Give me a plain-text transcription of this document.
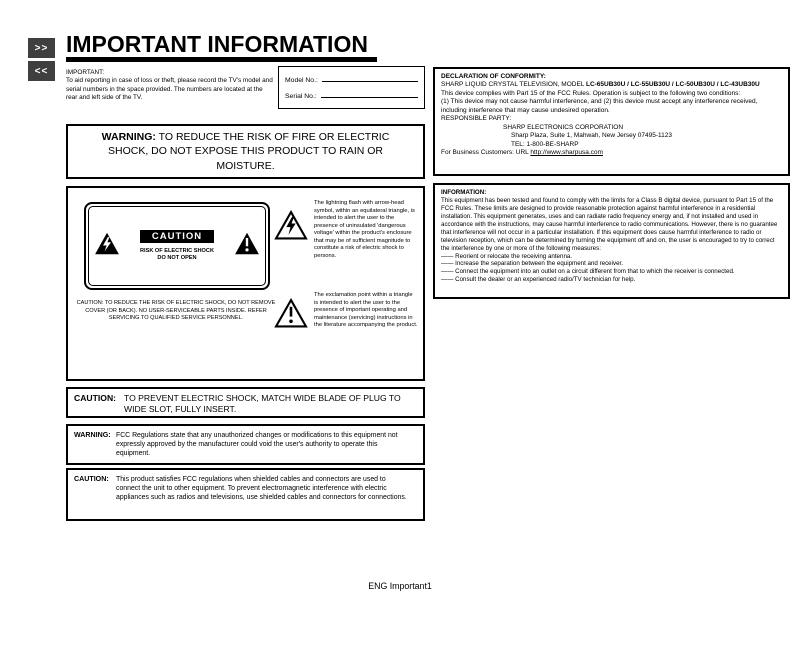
>>
<<
IMPORTANT INFORMATION
IMPORTANT:
To aid reporting in case of loss or theft, please record the TV's model and serial numbers in the space provided. The numbers are located at the rear and left side of the TV.
Model No.:
Serial No.:
WARNING: TO REDUCE THE RISK OF FIRE OR ELECTRIC SHOCK, DO NOT EXPOSE THIS PRODUCT TO RAIN OR MOISTURE.
CAUTION
RISK OF ELECTRIC SHOCK
DO NOT OPEN
CAUTION: TO REDUCE THE RISK OF ELECTRIC SHOCK, DO NOT REMOVE COVER (OR BACK). NO USER-SERVICEABLE PARTS INSIDE. REFER SERVICING TO QUALIFIED SERVICE PERSONNEL.
The lightning flash with arrow-head symbol, within an equilateral triangle, is intended to alert the user to the presence of uninsulated 'dangerous voltage' within the product's enclosure that may be of sufficient magnitude to constitute a risk of electric shock to persons.
The exclamation point within a triangle is intended to alert the user to the presence of important operating and maintenance (servicing) instructions in the literature accompanying the product.
CAUTION: TO PREVENT ELECTRIC SHOCK, MATCH WIDE BLADE OF PLUG TO WIDE SLOT, FULLY INSERT.
WARNING: FCC Regulations state that any unauthorized changes or modifications to this equipment not expressly approved by the manufacturer could void the user's authority to operate this equipment.
CAUTION:	This product satisfies FCC regulations when shielded cables and connectors are used to connect the unit to other equipment. To prevent electromagnetic interference with electric appliances such as radios and televisions, use shielded cables and connectors for connections.
DECLARATION OF CONFORMITY:
SHARP LIQUID CRYSTAL TELEVISION, MODEL LC-65UB30U / LC-55UB30U / LC-50UB30U / LC-43UB30U
This device complies with Part 15 of the FCC Rules. Operation is subject to the following two conditions:
(1) This device may not cause harmful interference, and (2) this device must accept any interference received, including interference that may cause undesired operation.
RESPONSIBLE PARTY:
SHARP ELECTRONICS CORPORATION
Sharp Plaza, Suite 1, Mahwah, New Jersey 07495-1123
TEL: 1-800-BE-SHARP
For Business Customers: URL http://www.sharpusa.com
INFORMATION:
This equipment has been tested and found to comply with the limits for a Class B digital device, pursuant to Part 15 of the FCC Rules. These limits are designed to provide reasonable protection against harmful interference in a residential installation. This equipment generates, uses and can radiate radio frequency energy and, if not installed and used in accordance with the instructions, may cause harmful interference to radio communications. However, there is no guarantee that interference will not occur in a particular installation. If this equipment does cause harmful interference to radio or television reception, which can be determined by turning the equipment off and on, the user is encouraged to try to correct the interference by one or more of the following measures:
—— Reorient or relocate the receiving antenna.
—— Increase the separation between the equipment and receiver.
—— Connect the equipment into an outlet on a circuit different from that to which the receiver is connected.
—— Consult the dealer or an experienced radio/TV technician for help.
ENG Important1
